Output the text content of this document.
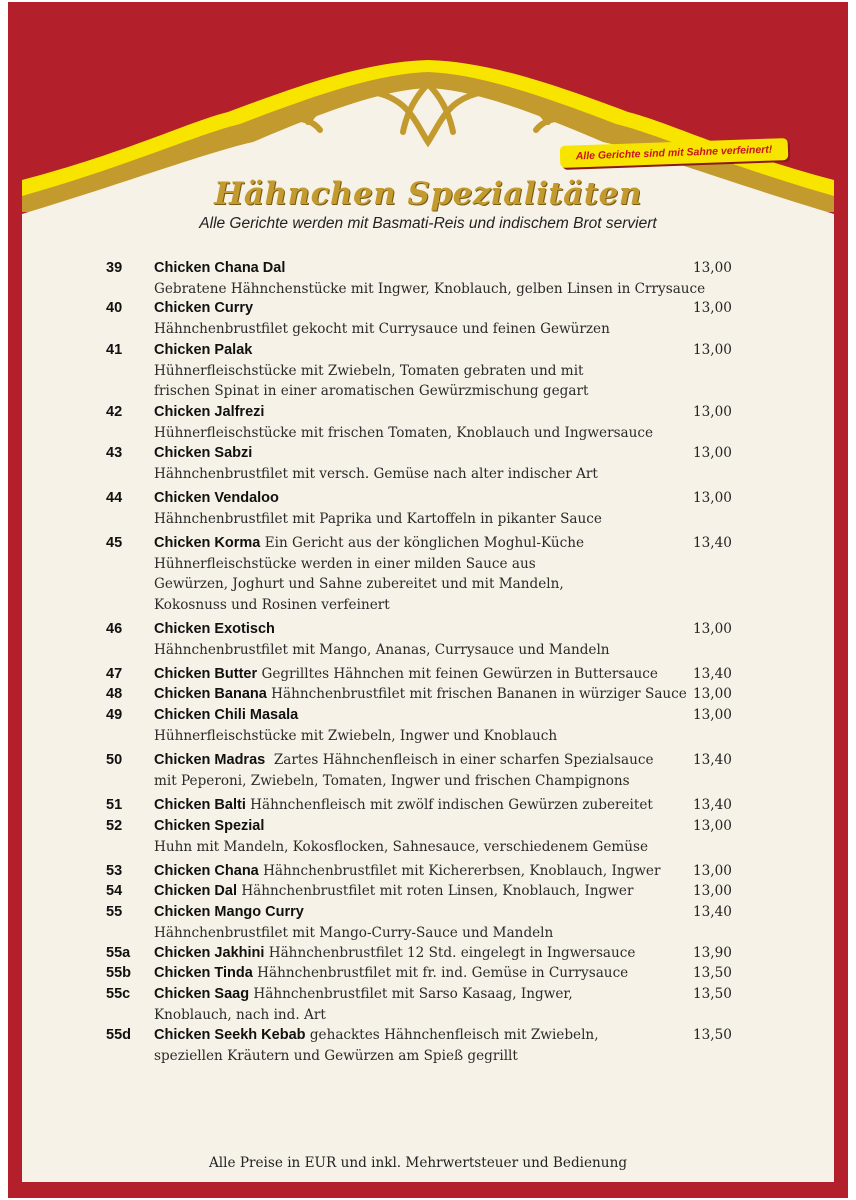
Alle Gerichte sind mit Sahne verfeinert!
Hähnchen Spezialitäten
Alle Gerichte werden mit Basmati-Reis und indischem Brot serviert
39 Chicken Chana Dal
Gebratene Hähnchenstücke mit Ingwer, Knoblauch, gelben Linsen in Crrysauce
13,00
40 Chicken Curry
Hähnchenbrustfilet gekocht mit Currysauce und feinen Gewürzen
13,00
41 Chicken Palak
Hühnerfleischstücke mit Zwiebeln, Tomaten gebraten und mit
frischen Spinat in einer aromatischen Gewürzmischung gegart
13,00
42 Chicken Jalfrezi
Hühnerfleischstücke mit frischen Tomaten, Knoblauch und Ingwersauce
13,00
43 Chicken Sabzi
Hähnchenbrustfilet mit versch. Gemüse nach alter indischer Art
13,00
44 Chicken Vendaloo
Hähnchenbrustfilet mit Paprika und Kartoffeln in pikanter Sauce
13,00
45 Chicken Korma Ein Gericht aus der köngliche​n Moghul-Küche
Hühnerfleischstücke werden in einer milden Sauce aus
Gewürzen, Joghurt und Sahne zubereitet und mit Mandeln,
Kokosnuss und Rosinen verfeinert
13,40
46 Chicken Exotisch
Hähnchenbrustfilet mit Mango, Ananas, Currysauce und Mandeln
13,00
47 Chicken Butter Gegrilltes Hähnchen mit feinen Gewürzen in Buttersauce	13,40
48 Chicken Banana Hähnchenbrustfilet mit frischen Bananen in würziger Sauce 13,00
49 Chicken Chili Masala
Hühnerfleischstücke mit Zwiebeln, Ingwer und Knoblauch
13,00
50 Chicken Madras  Zartes Hähnchenfleisch in einer scharfen Spezialsauce
mit Peperoni, Zwiebeln, Tomaten, Ingwer und frischen Champignons
13,40
51 Chicken Balti Hähnchenfleisch mit zwölf indischen Gewürzen zubereitet	13,40
52 Chicken Spezial
Huhn mit Mandeln, Kokosflocken, Sahnesauce, verschiedenem Gemüse
13,00
53 Chicken Chana Hähnchenbrustfilet mit Kichererbsen, Knoblauch, Ingwer	13,00
54 Chicken Dal Hähnchenbrustfilet mit roten Linsen, Knoblauch, Ingwer	13,00
55 Chicken Mango Curry
Hähnchenbrustfilet mit Mango-Curry-Sauce und Mandeln
13,40
55a Chicken Jakhini Hähnchenbrustfilet 12 Std. eingelegt in Ingwersauce	13,90
55b Chicken Tinda Hähnchenbrustfilet mit fr. ind. Gemüse in Currysauce	13,50
55c Chicken Saag Hähnchenbrustfilet mit Sarso Kasaag, Ingwer,
Knoblauch, nach ind. Art
13,50
55d Chicken Seekh Kebab gehacktes Hähnchenfleisch mit Zwiebeln,
speziellen Kräutern und Gewürzen am Spieß gegrillt
13,50
Alle Preise in EUR und inkl. Mehrwertsteuer und Bedienung
